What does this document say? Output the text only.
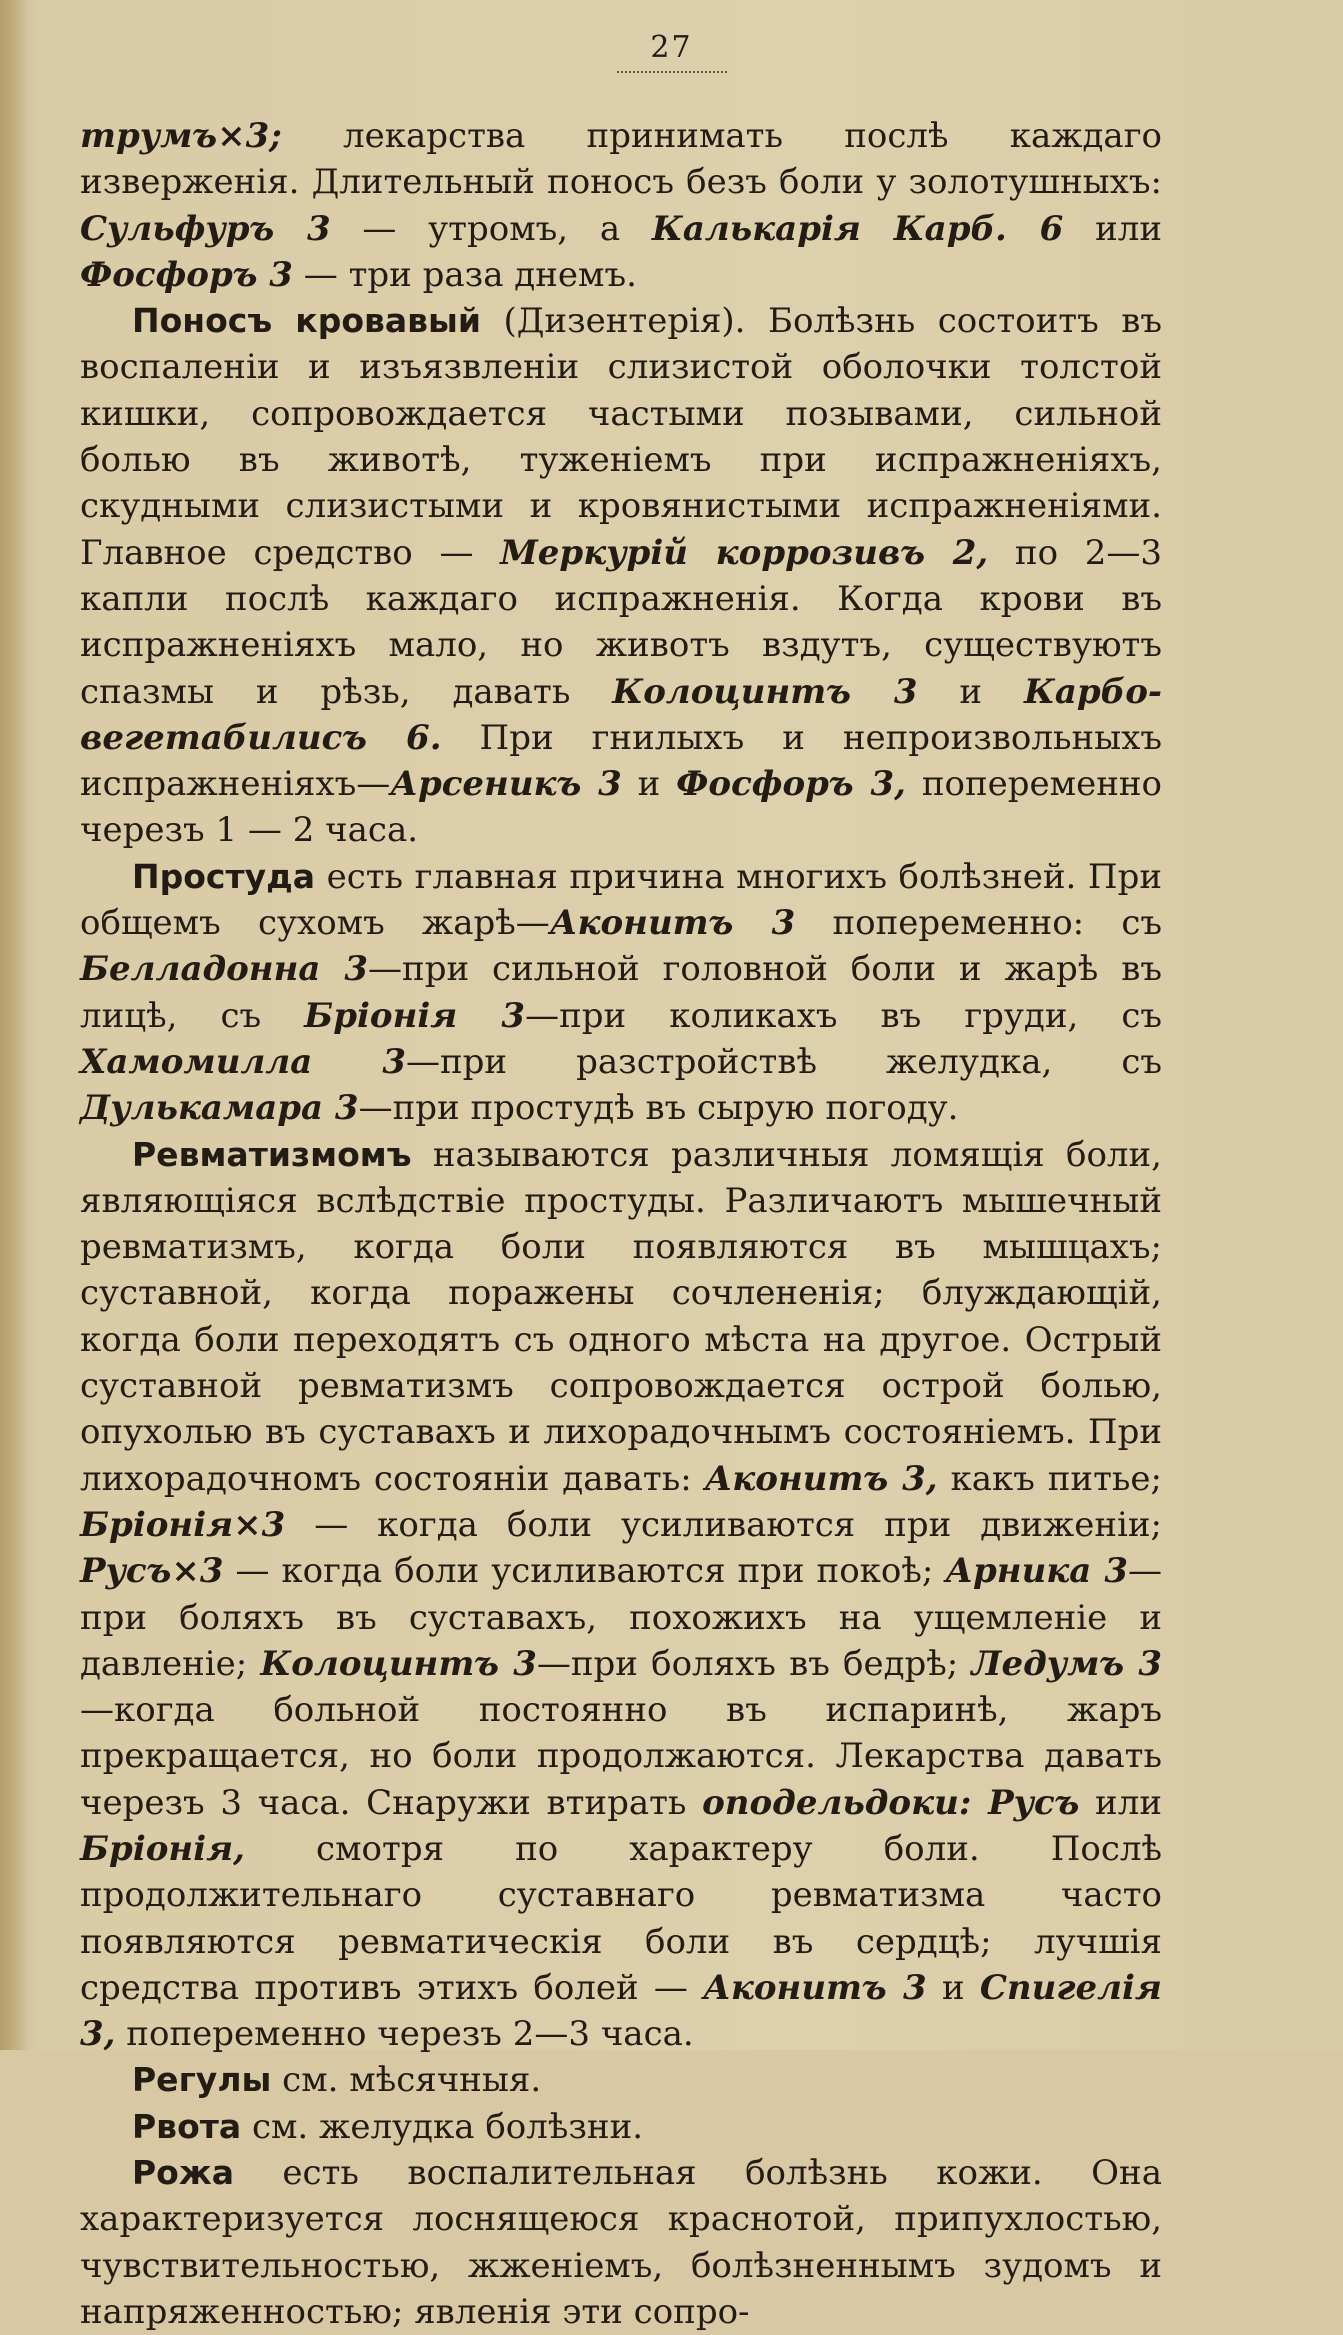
27

трумъ×3; лекарства принимать послѣ каждаго изверженія. Длительный поносъ безъ боли у золотушныхъ: Сульфуръ 3 — утромъ, а Калькарія Карб. 6 или Фосфоръ 3 — три раза днемъ.

Поносъ кровавый (Дизентерія). Болѣзнь состоитъ въ воспаленіи и изъязвленіи слизистой оболочки толстой кишки, сопровождается частыми позывами, сильной болью въ животѣ, туженіемъ при испражненіяхъ, скудными слизистыми и кровянистыми испражненіями. Главное средство — Меркурій коррозивъ 2, по 2—3 капли послѣ каждаго испражненія. Когда крови въ испражненіяхъ мало, но животъ вздутъ, существуютъ спазмы и рѣзь, давать Колоцинтъ 3 и Карбо-вегетабилисъ 6. При гнилыхъ и непроизвольныхъ испражненіяхъ—Арсеникъ 3 и Фосфоръ 3, попеременно черезъ 1 — 2 часа.

Простуда есть главная причина многихъ болѣзней. При общемъ сухомъ жарѣ—Аконитъ 3 попеременно: съ Белладонна 3—при сильной головной боли и жарѣ въ лицѣ, съ Бріонія 3—при коликахъ въ груди, съ Хамомилла 3—при разстройствѣ желудка, съ Дулькамара 3—при простудѣ въ сырую погоду.

Ревматизмомъ называются различныя ломящія боли, являющіяся вслѣдствіе простуды. Различаютъ мышечный ревматизмъ, когда боли появляются въ мышцахъ; суставной, когда поражены сочлененія; блуждающій, когда боли переходятъ съ одного мѣста на другое. Острый суставной ревматизмъ сопровождается острой болью, опухолью въ суставахъ и лихорадочнымъ состояніемъ. При лихорадочномъ состояніи давать: Аконитъ 3, какъ питье; Бріонія×3 — когда боли усиливаются при движеніи; Русъ×3 — когда боли усиливаются при покоѣ; Арника 3—при боляхъ въ суставахъ, похожихъ на ущемленіе и давленіе; Колоцинтъ 3—при боляхъ въ бедрѣ; Ледумъ 3—когда больной постоянно въ испаринѣ, жаръ прекращается, но боли продолжаются. Лекарства давать черезъ 3 часа. Снаружи втирать оподельдоки: Русъ или Бріонія, смотря по характеру боли. Послѣ продолжительнаго суставнаго ревматизма часто появляются ревматическія боли въ сердцѣ; лучшія средства противъ этихъ болей — Аконитъ 3 и Спигелія 3, попеременно черезъ 2—3 часа.

Регулы см. мѣсячныя.

Рвота см. желудка болѣзни.

Рожа есть воспалительная болѣзнь кожи. Она характеризуется лоснящеюся краснотой, припухлостью, чувствительностью, жженіемъ, болѣзненнымъ зудомъ и напряженностью; явленія эти сопро-
